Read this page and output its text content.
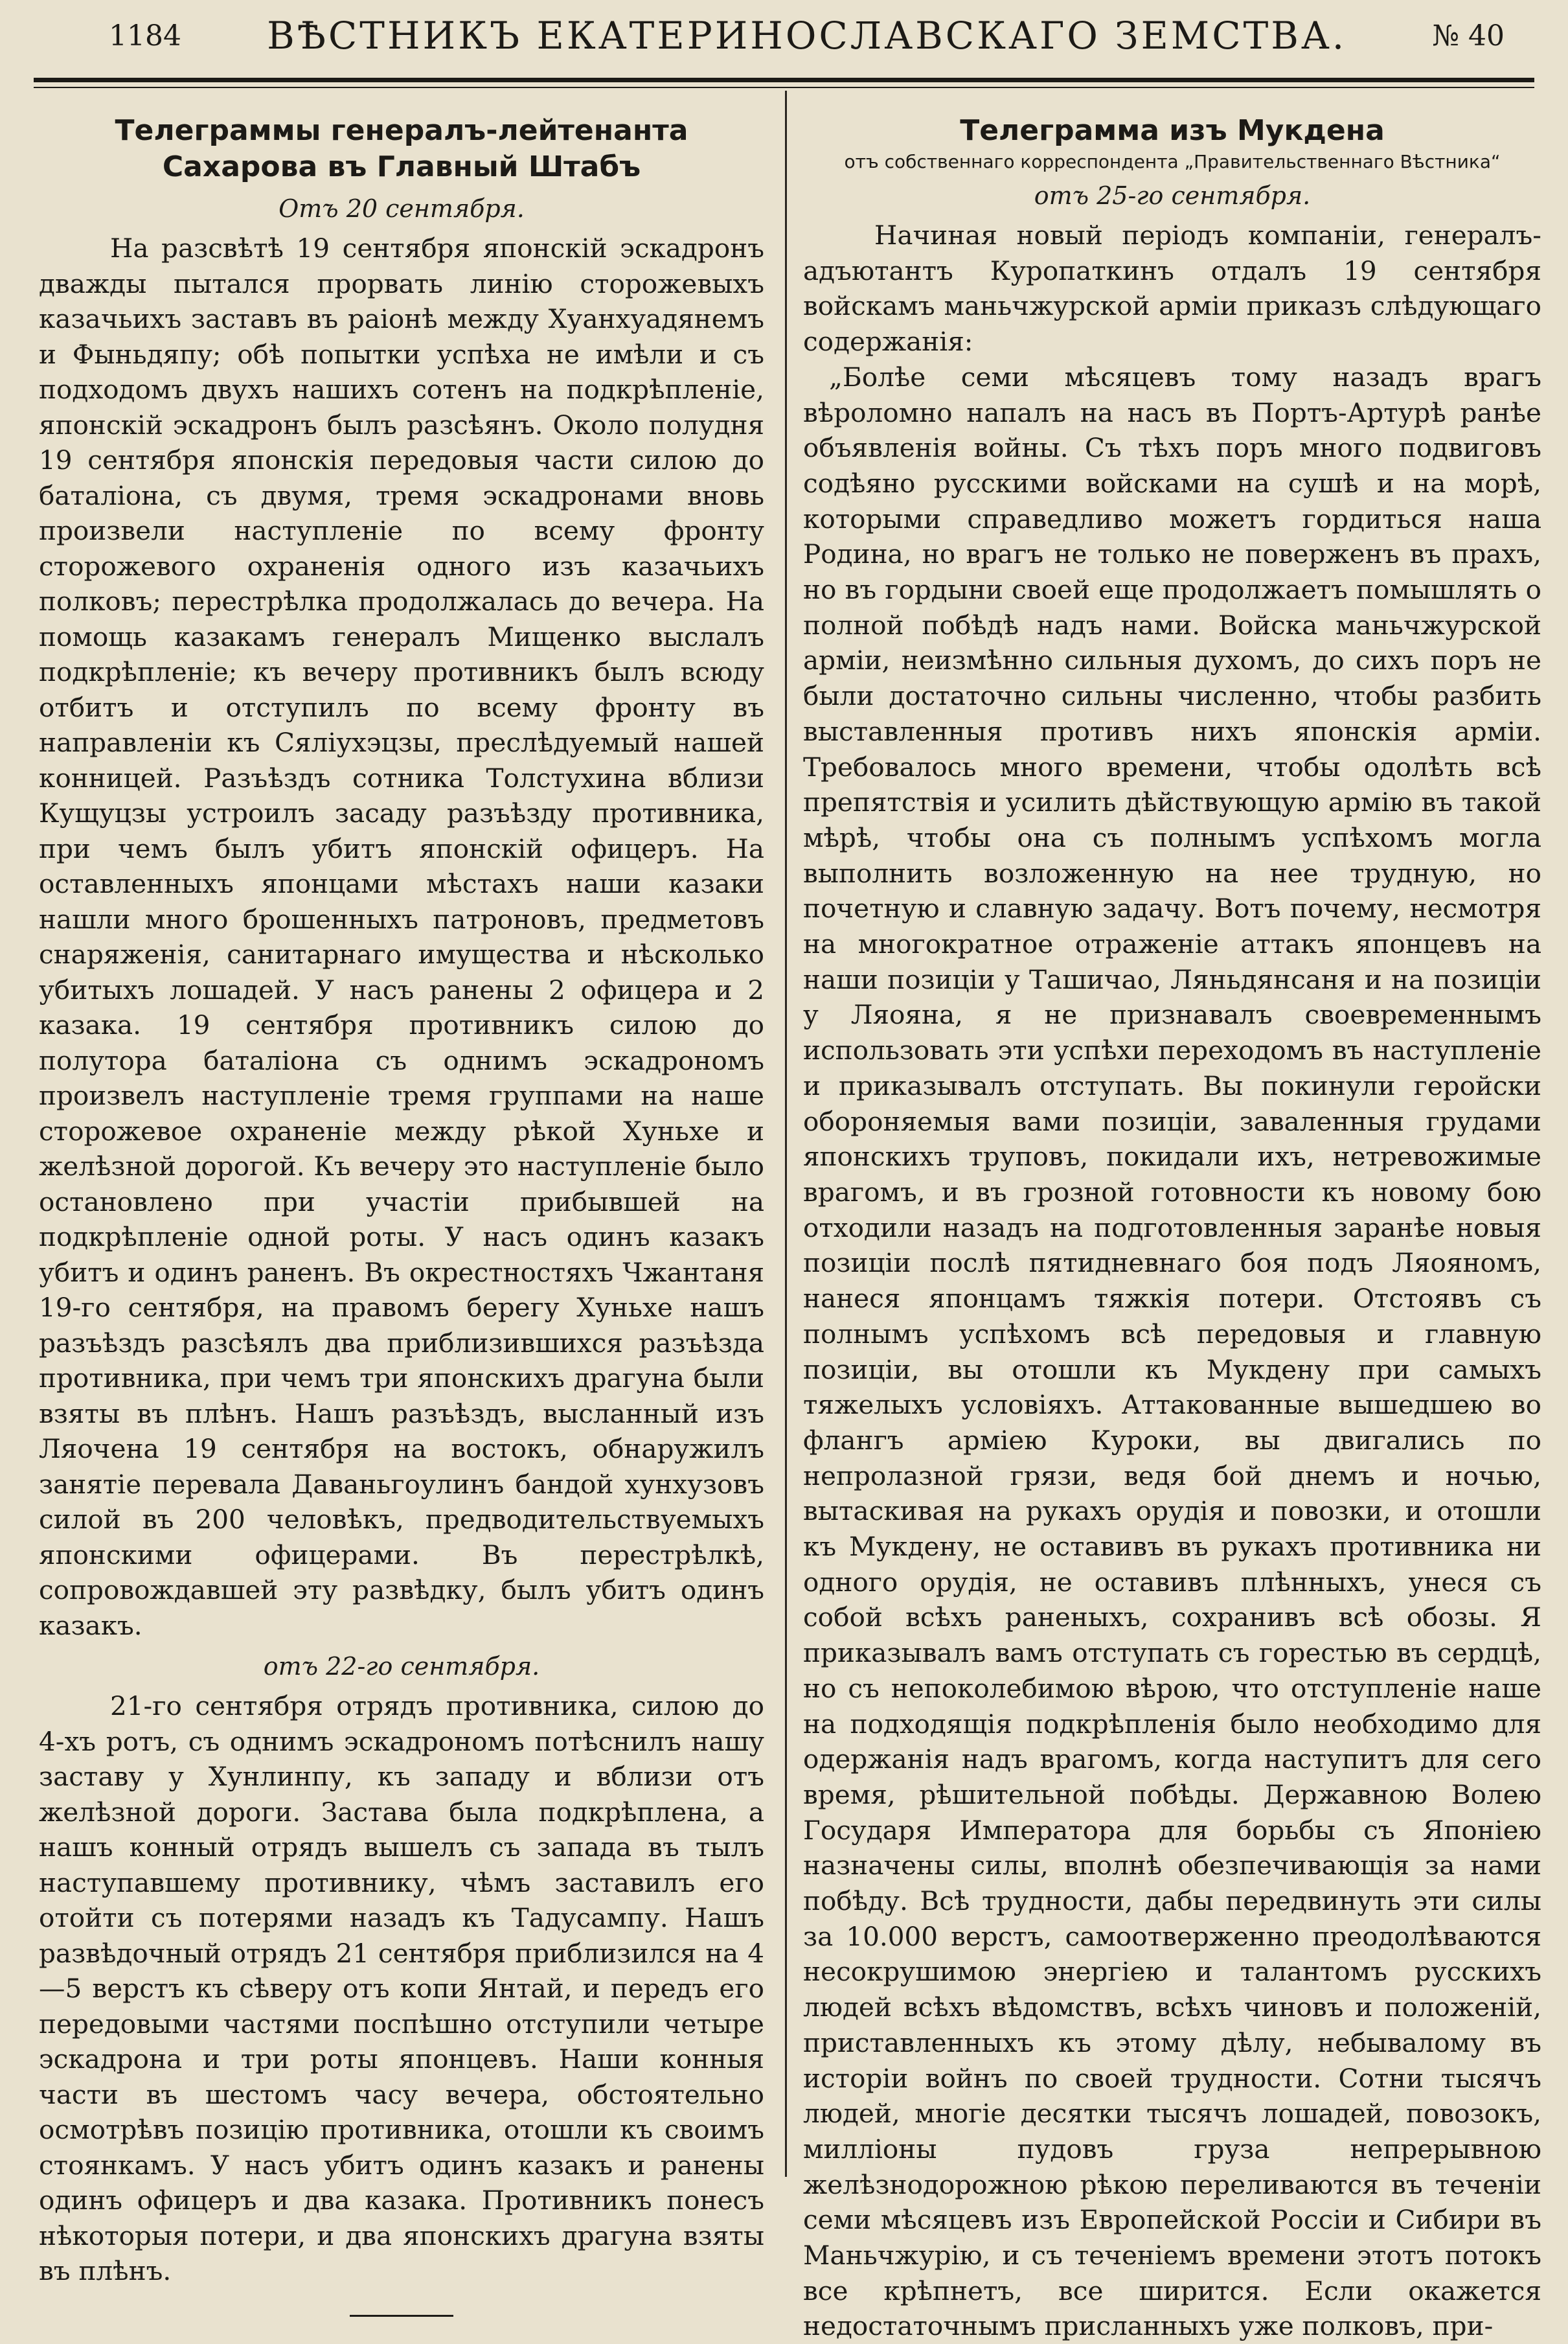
1184 ВѢСТНИКЪ ЕКАТЕРИНОСЛАВСКАГО ЗЕМСТВА.	№ 40
Телеграммы генералъ-лейтенанта Сахарова въ Главный Штабъ
Отъ 20 сентября.

На разсвѣтѣ 19 сентября японскій эскадронъ дважды пытался прорвать линію сторожевыхъ казачьихъ заставъ въ раіонѣ между Хуанхуадянемъ и Фыньдяпу; обѣ попытки успѣха не имѣли и съ подходомъ двухъ нашихъ сотенъ на подкрѣпленіе, японскій эскадронъ былъ разсѣянъ. Около полудня 19 сентября японскія передовыя части силою до баталіона, съ двумя, тремя эскадронами вновь произвели наступленіе по всему фронту сторожевого охраненія одного изъ казачьихъ полковъ; перестрѣлка продолжалась до вечера. На помощь казакамъ генералъ Мищенко выслалъ подкрѣпленіе; къ вечеру противникъ былъ всюду отбитъ и отступилъ по всему фронту въ направленіи къ Сяліухэцзы, преслѣдуемый нашей конницей. Разъѣздъ сотника Толстухина вблизи Кущуцзы устроилъ засаду разъѣзду противника, при чемъ былъ убитъ японскій офицеръ. На оставленныхъ японцами мѣстахъ наши казаки нашли много брошенныхъ патроновъ, предметовъ снаряженія, санитарнаго имущества и нѣсколько убитыхъ лошадей. У насъ ранены 2 офицера и 2 казака. 19 сентября противникъ силою до полутора баталіона съ однимъ эскадрономъ произвелъ наступленіе тремя группами на наше сторожевое охраненіе между рѣкой Хуньхе и желѣзной дорогой. Къ вечеру это наступленіе было остановлено при участіи прибывшей на подкрѣпленіе одной роты. У насъ одинъ казакъ убитъ и одинъ раненъ. Въ окрестностяхъ Чжантаня 19-го сентября, на правомъ берегу Хуньхе нашъ разъѣздъ разсѣялъ два приблизившихся разъѣзда противника, при чемъ три японскихъ драгуна были взяты въ плѣнъ. Нашъ разъѣздъ, высланный изъ Ляочена 19 сентября на востокъ, обнаружилъ занятіе перевала Даваньгоулинъ бандой хунхузовъ силой въ 200 человѣкъ, предводительствуемыхъ японскими офицерами. Въ перестрѣлкѣ, сопровождавшей эту развѣдку, былъ убитъ одинъ казакъ.

отъ 22-го сентября.

21-го сентября отрядъ противника, силою до 4-хъ ротъ, съ однимъ эскадрономъ потѣснилъ нашу заставу у Хунлинпу, къ западу и вблизи отъ желѣзной дороги. Застава была подкрѣплена, а нашъ конный отрядъ вышелъ съ запада въ тылъ наступавшему противнику, чѣмъ заставилъ его отойти съ потерями назадъ къ Тадусампу. Нашъ развѣдочный отрядъ 21 сентября приблизился на 4—5 верстъ къ сѣверу отъ копи Янтай, и передъ его передовыми частями поспѣшно отступили четыре эскадрона и три роты японцевъ. Наши конныя части въ шестомъ часу вечера, обстоятельно осмотрѣвъ позицію противника, отошли къ своимъ стоянкамъ. У насъ убитъ одинъ казакъ и ранены одинъ офицеръ и два казака. Противникъ понесъ нѣкоторыя потери, и два японскихъ драгуна взяты въ плѣнъ.

Телеграмма изъ Мукдена
отъ собственнаго корреспондента „Правительственнаго Вѣстника“
отъ 25-го сентября.

Начиная новый періодъ компаніи, генералъ-адъютантъ Куропаткинъ отдалъ 19 сентября войскамъ маньчжурской арміи приказъ слѣдующаго содержанія:

„Болѣе семи мѣсяцевъ тому назадъ врагъ вѣроломно напалъ на насъ въ Портъ-Артурѣ ранѣе объявленія войны. Съ тѣхъ поръ много подвиговъ содѣяно русскими войсками на сушѣ и на морѣ, которыми справедливо можетъ гордиться наша Родина, но врагъ не только не поверженъ въ прахъ, но въ гордыни своей еще продолжаетъ помышлять о полной побѣдѣ надъ нами. Войска маньчжурской арміи, неизмѣнно сильныя духомъ, до сихъ поръ не были достаточно сильны численно, чтобы разбить выставленныя противъ нихъ японскія арміи. Требовалось много времени, чтобы одолѣть всѣ препятствія и усилить дѣйствующую армію въ такой мѣрѣ, чтобы она съ полнымъ успѣхомъ могла выполнить возложенную на нее трудную, но почетную и славную задачу. Вотъ почему, несмотря на многократное отраженіе аттакъ японцевъ на наши позиціи у Ташичао, Ляньдянсаня и на позиціи у Ляояна, я не признавалъ своевременнымъ использовать эти успѣхи переходомъ въ наступленіе и приказывалъ отступать. Вы покинули геройски обороняемыя вами позиціи, заваленныя грудами японскихъ труповъ, покидали ихъ, нетревожимые врагомъ, и въ грозной готовности къ новому бою отходили назадъ на подготовленныя заранѣе новыя позиціи послѣ пятидневнаго боя подъ Ляояномъ, нанеся японцамъ тяжкія потери. Отстоявъ съ полнымъ успѣхомъ всѣ передовыя и главную позиціи, вы отошли къ Мукдену при самыхъ тяжелыхъ условіяхъ. Аттакованные вышедшею во флангъ арміею Куроки, вы двигались по непролазной грязи, ведя бой днемъ и ночью, вытаскивая на рукахъ орудія и повозки, и отошли къ Мукдену, не оставивъ въ рукахъ противника ни одного орудія, не оставивъ плѣнныхъ, унеся съ собой всѣхъ раненыхъ, сохранивъ всѣ обозы. Я приказывалъ вамъ отступать съ горестью въ сердцѣ, но съ непоколебимою вѣрою, что отступленіе наше на подходящія подкрѣпленія было необходимо для одержанія надъ врагомъ, когда наступитъ для сего время, рѣшительной побѣды. Державною Волею Государя Императора для борьбы съ Японіею назначены силы, вполнѣ обезпечивающія за нами побѣду. Всѣ трудности, дабы передвинуть эти силы за 10.000 верстъ, самоотверженно преодолѣваются несокрушимою энергіею и талантомъ русскихъ людей всѣхъ вѣдомствъ, всѣхъ чиновъ и положеній, приставленныхъ къ этому дѣлу, небывалому въ исторіи войнъ по своей трудности. Сотни тысячъ людей, многіе десятки тысячъ лошадей, повозокъ, милліоны пудовъ груза непрерывною желѣзнодорожною рѣкою переливаются въ теченіи семи мѣсяцевъ изъ Европейской Россіи и Сибири въ Маньчжурію, и съ теченіемъ времени этотъ потокъ все крѣпнетъ, все ширится. Если окажется недостаточнымъ присланныхъ уже полковъ, при-
